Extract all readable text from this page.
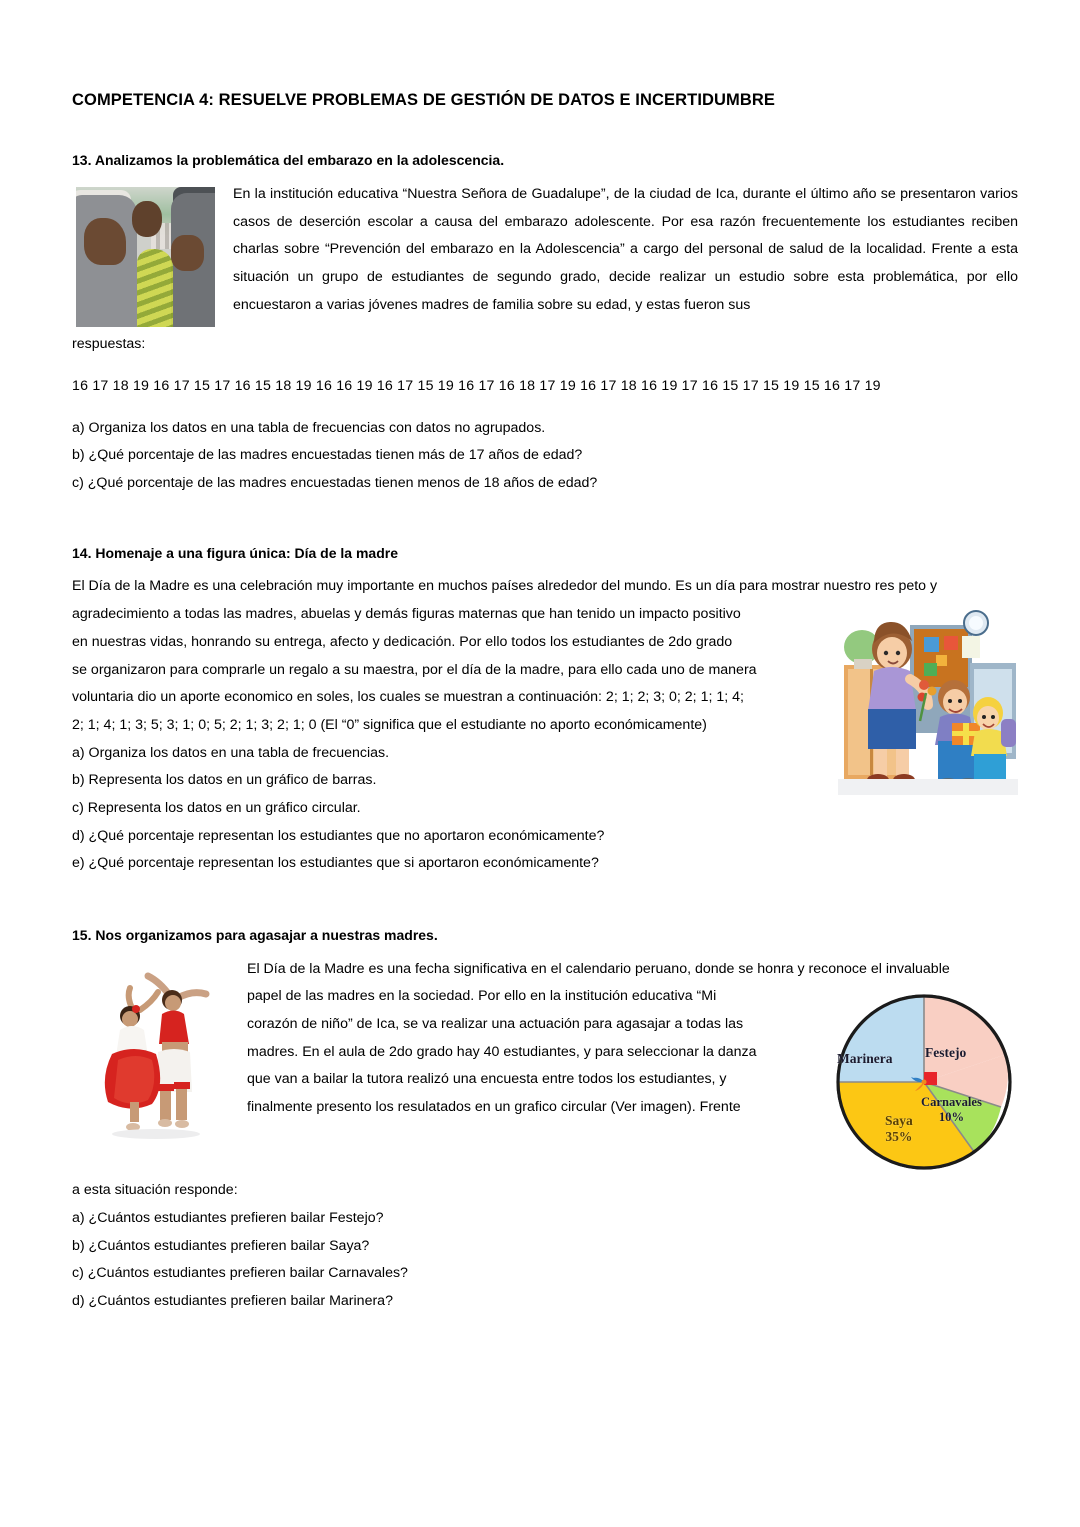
COMPETENCIA 4: RESUELVE PROBLEMAS DE GESTIÓN DE DATOS E INCERTIDUMBRE
13. Analizamos la problemática del embarazo en la adolescencia.

En la institución educativa “Nuestra Señora de Guadalupe”, de la ciudad de Ica, durante el último año se presentaron varios casos de deserción escolar a causa del embarazo adolescente. Por esa razón frecuentemente los estudiantes reciben charlas sobre “Prevención del embarazo en la Adolescencia” a cargo del personal de salud de la localidad. Frente a esta situación un grupo de estudiantes de segundo grado, decide realizar un estudio sobre esta problemática, por ello encuestaron a varias jóvenes madres de familia sobre su edad, y estas fueron sus

respuestas:

16 17 18 19 16 17 15 17 16 15 18 19 16 16 19 16 17 15 19 16 17 16 18 17 19 16 17 18 16 19 17 16 15 17 15 19 15 16 17 19

a) Organiza los datos en una tabla de frecuencias con datos no agrupados.

b) ¿Qué porcentaje de las madres encuestadas tienen más de 17 años de edad?

c) ¿Qué porcentaje de las madres encuestadas tienen menos de 18 años de edad?

14. Homenaje a una figura única: Día de la madre

El Día de la Madre es una celebración muy importante en muchos países alrededor del mundo. Es un día para mostrar nuestro res peto y

agradecimiento a todas las madres, abuelas y demás figuras maternas que han tenido un impacto positivo

en nuestras vidas, honrando su entrega, afecto y dedicación. Por ello todos los estudiantes de 2do grado

se organizaron para comprarle un regalo a su maestra, por el día de la madre, para ello cada uno de manera

voluntaria dio un aporte economico en soles, los cuales se muestran a continuación: 2; 1; 2; 3; 0; 2; 1; 1; 4;

2; 1; 4; 1; 3; 5; 3; 1; 0; 5; 2; 1; 3; 2; 1; 0 (El “0” significa que el estudiante no aporto económicamente)

a) Organiza los datos en una tabla de frecuencias.

b) Representa los datos en un gráfico de barras.

c) Representa los datos en un gráfico circular.

d) ¿Qué porcentaje representan los estudiantes que no aportaron económicamente?

e) ¿Qué porcentaje representan los estudiantes que si aportaron económicamente?

15. Nos organizamos para agasajar a nuestras madres.

El Día de la Madre es una fecha significativa en el calendario peruano, donde se honra y reconoce el invaluable

Marinera Festejo
Carnavales
10%
Saya
35%

papel de las madres en la sociedad. Por ello en la institución educativa “Mi

corazón de niño” de Ica, se va realizar una actuación para agasajar a todas las

madres. En el aula de 2do grado hay 40 estudiantes, y para seleccionar la danza

que van a bailar la tutora realizó una encuesta entre todos los estudiantes, y

finalmente presento los resulatados en un grafico circular (Ver imagen). Frente

a esta situación responde:

a) ¿Cuántos estudiantes prefieren bailar Festejo?

b) ¿Cuántos estudiantes prefieren bailar Saya?

c) ¿Cuántos estudiantes prefieren bailar Carnavales?

d) ¿Cuántos estudiantes prefieren bailar Marinera?
